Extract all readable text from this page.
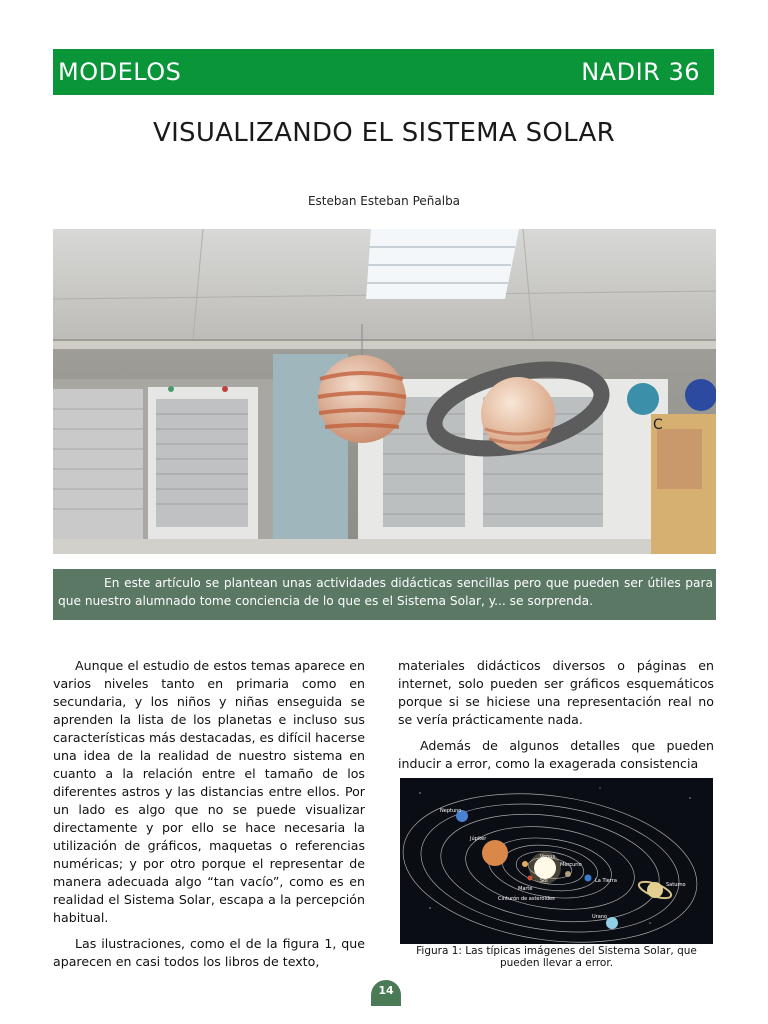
MODELOS	NADIR 36
VISUALIZANDO EL SISTEMA SOLAR
Esteban Esteban Peñalba
C
En este artículo se plantean unas actividades didácticas sencillas pero que pueden ser útiles para que nuestro alumnado tome conciencia de lo que es el Sistema Solar, y... se sorprenda.

Aunque el estudio de estos temas aparece en varios niveles tanto en primaria como en secundaria, y los niños y niñas enseguida se aprenden la lista de los planetas e incluso sus características más destacadas, es difícil hacerse una idea de la realidad de nuestro sistema en cuanto a la relación entre el tamaño de los diferentes astros y las distancias entre ellos. Por un lado es algo que no se puede visualizar directamente y por ello se hace necesaria la utilización de gráficos, maquetas o referencias numéricas; y por otro porque el representar de manera adecuada algo “tan vacío”, como es en realidad el Sistema Solar, escapa a la percepción habitual.

Las ilustraciones, como el de la figura 1, que aparecen en casi todos los libros de texto,

materiales didácticos diversos o páginas en internet, solo pueden ser gráficos esquemáticos porque si se hiciese una representación real no se vería prácticamente nada.

Además de algunos detalles que pueden inducir a error, como la exagerada consistencia

Neptuno
Júpiter
Venus
Sol
Mercurio
Marte
La Tierra
Saturno
Urano
Cinturón de asteroides
Figura 1: Las típicas imágenes del Sistema Solar, que pueden llevar a error.
14
